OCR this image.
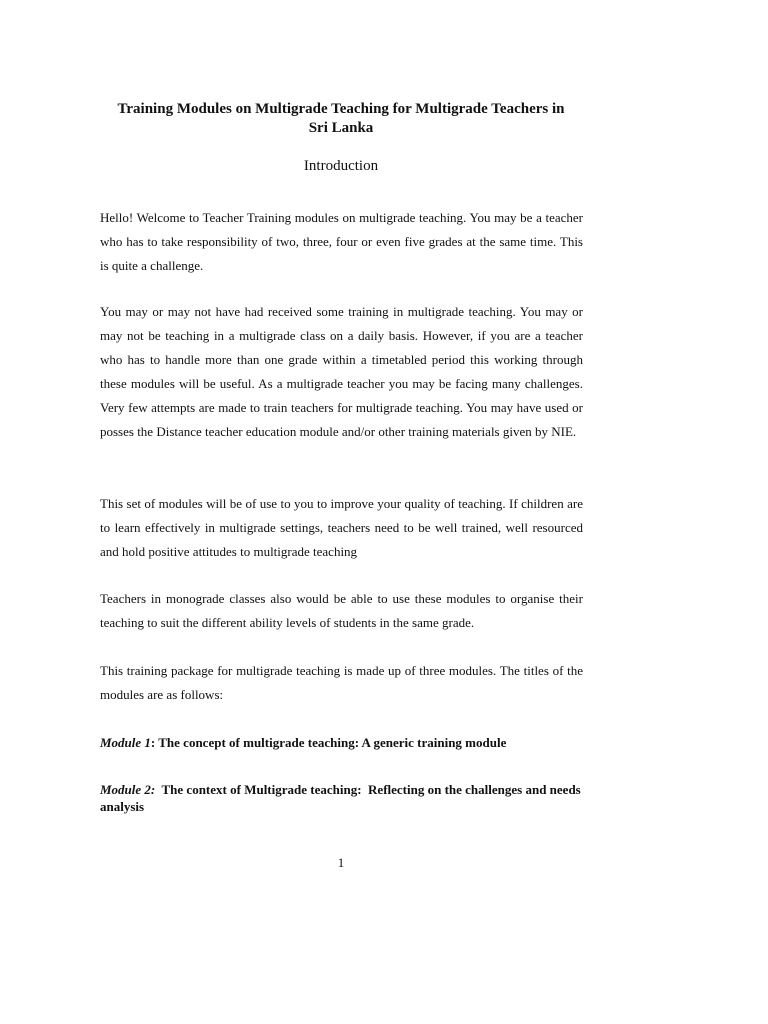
Training Modules on Multigrade Teaching for Multigrade Teachers in
Sri Lanka
Introduction

Hello! Welcome to Teacher Training modules on multigrade teaching. You may be a teacher who has to take responsibility of two, three, four or even five grades at the same time. This is quite a challenge.

You may or may not have had received some training in multigrade teaching. You may or may not be teaching in a multigrade class on a daily basis. However, if you are a teacher who has to handle more than one grade within a timetabled period this working through these modules will be useful. As a multigrade teacher you may be facing many challenges. Very few attempts are made to train teachers for multigrade teaching. You may have used or posses the Distance teacher education module and/or other training materials given by NIE.

This set of modules will be of use to you to improve your quality of teaching. If children are to learn effectively in multigrade settings, teachers need to be well trained, well resourced and hold positive attitudes to multigrade teaching

Teachers in monograde classes also would be able to use these modules to organise their teaching to suit the different ability levels of students in the same grade.

This training package for multigrade teaching is made up of three modules. The titles of the modules are as follows:

Module 1: The concept of multigrade teaching: A generic training module

Module 2:  The context of Multigrade teaching:  Reflecting on the challenges and needs analysis

1
